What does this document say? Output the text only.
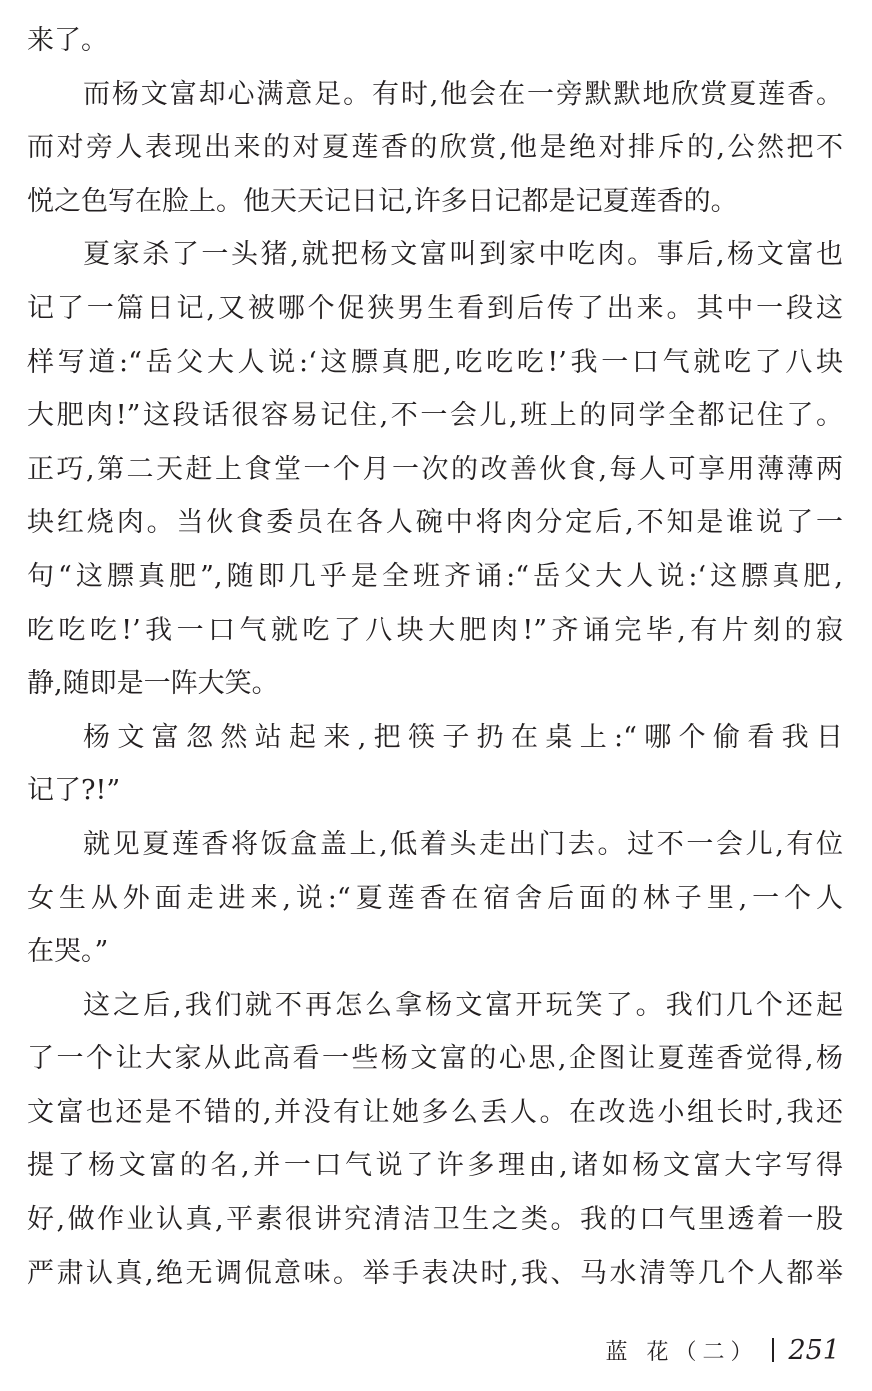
来了。
而杨文富却心满意足。有时,他会在一旁默默地欣赏夏莲香。
而对旁人表现出来的对夏莲香的欣赏,他是绝对排斥的,公然把不
悦之色写在脸上。他天天记日记,许多日记都是记夏莲香的。
夏家杀了一头猪,就把杨文富叫到家中吃肉。事后,杨文富也
记了一篇日记,又被哪个促狭男生看到后传了出来。其中一段这
样写道:“岳父大人说:‘这膘真肥,吃吃吃!’我一口气就吃了八块
大肥肉!”这段话很容易记住,不一会儿,班上的同学全都记住了。
正巧,第二天赶上食堂一个月一次的改善伙食,每人可享用薄薄两
块红烧肉。当伙食委员在各人碗中将肉分定后,不知是谁说了一
句“这膘真肥”,随即几乎是全班齐诵:“岳父大人说:‘这膘真肥,
吃吃吃!’我一口气就吃了八块大肥肉!”齐诵完毕,有片刻的寂
静,随即是一阵大笑。
杨文富忽然站起来,把筷子扔在桌上:“哪个偷看我日
记了?!”
就见夏莲香将饭盒盖上,低着头走出门去。过不一会儿,有位
女生从外面走进来,说:“夏莲香在宿舍后面的林子里,一个人
在哭。”
这之后,我们就不再怎么拿杨文富开玩笑了。我们几个还起
了一个让大家从此高看一些杨文富的心思,企图让夏莲香觉得,杨
文富也还是不错的,并没有让她多么丢人。在改选小组长时,我还
提了杨文富的名,并一口气说了许多理由,诸如杨文富大字写得
好,做作业认真,平素很讲究清洁卫生之类。我的口气里透着一股
严肃认真,绝无调侃意味。举手表决时,我、马水清等几个人都举
蓝 花（二） 251
